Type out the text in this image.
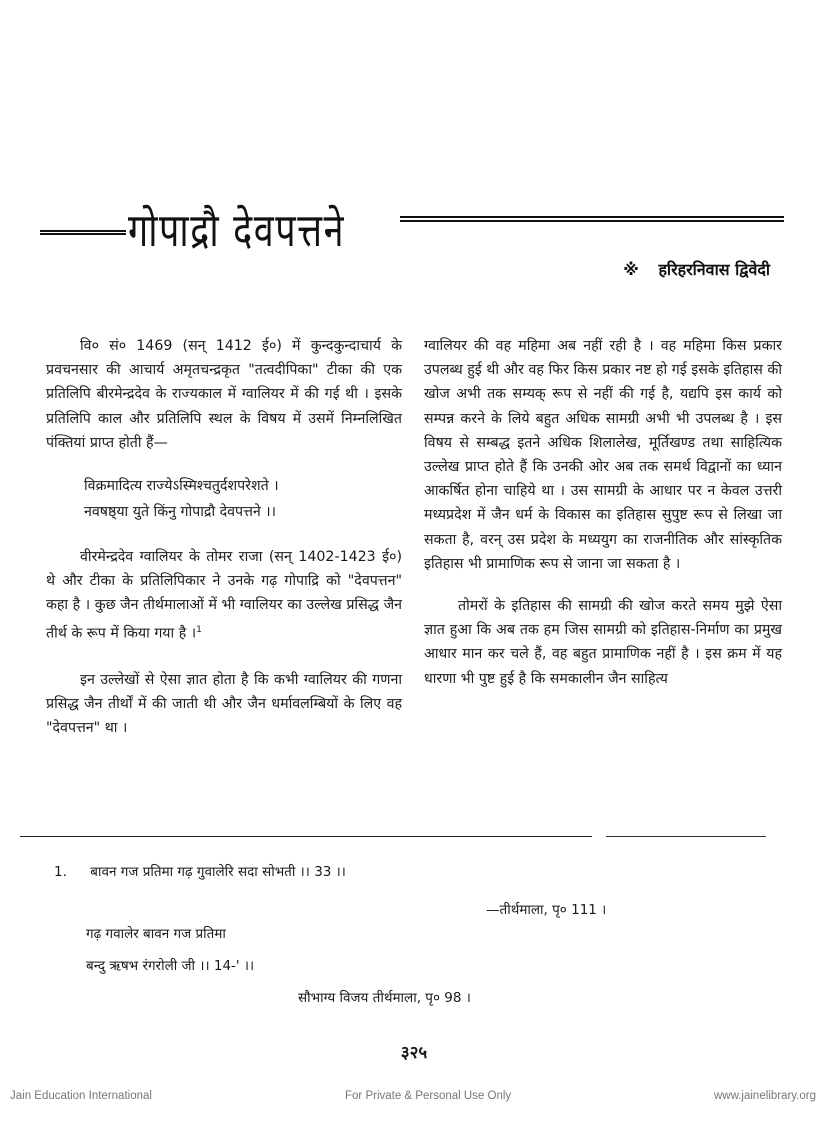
गोपाद्रौ देवपत्तने
※ हरिहरनिवास द्विवेदी

वि० सं० 1469 (सन् 1412 ई०) में कुन्दकुन्दाचार्य के प्रवचनसार की आचार्य अमृतचन्द्रकृत "तत्वदीपिका" टीका की एक प्रतिलिपि बीरमेन्द्रदेव के राज्यकाल में ग्वालियर में की गई थी । इसके प्रतिलिपि काल और प्रतिलिपि स्थल के विषय में उसमें निम्नलिखित पंक्तियां प्राप्त होती हैं—

विक्रमादित्य राज्येऽस्मिश्चतुर्दशपरेशते ।
नवषष्ठ्या युते किंनु गोपाद्रौ देवपत्तने ।।

वीरमेन्द्रदेव ग्वालियर के तोमर राजा (सन् 1402-1423 ई०) थे और टीका के प्रतिलिपिकार ने उनके गढ़ गोपाद्रि को "देवपत्तन" कहा है । कुछ जैन तीर्थमालाओं में भी ग्वालियर का उल्लेख प्रसिद्ध जैन तीर्थ के रूप में किया गया है ।$^1$

इन उल्लेखों से ऐसा ज्ञात होता है कि कभी ग्वालियर की गणना प्रसिद्ध जैन तीर्थों में की जाती थी और जैन धर्मावलम्बियों के लिए वह "देवपत्तन" था ।

ग्वालियर की वह महिमा अब नहीं रही है । वह महिमा किस प्रकार उपलब्ध हुई थी और वह फिर किस प्रकार नष्ट हो गई इसके इतिहास की खोज अभी तक सम्यक् रूप से नहीं की गई है, यद्यपि इस कार्य को सम्पन्न करने के लिये बहुत अधिक सामग्री अभी भी उपलब्ध है । इस विषय से सम्बद्ध इतने अधिक शिलालेख, मूर्तिखण्ड तथा साहित्यिक उल्लेख प्राप्त होते हैं कि उनकी ओर अब तक समर्थ विद्वानों का ध्यान आकर्षित होना चाहिये था । उस सामग्री के आधार पर न केवल उत्तरी मध्यप्रदेश में जैन धर्म के विकास का इतिहास सुपुष्ट रूप से लिखा जा सकता है, वरन् उस प्रदेश के मध्ययुग का राजनीतिक और सांस्कृतिक इतिहास भी प्रामाणिक रूप से जाना जा सकता है ।

तोमरों के इतिहास की सामग्री की खोज करते समय मुझे ऐसा ज्ञात हुआ कि अब तक हम जिस सामग्री को इतिहास-निर्माण का प्रमुख आधार मान कर चले हैं, वह बहुत प्रामाणिक नहीं है । इस क्रम में यह धारणा भी पुष्ट हुई है कि समकालीन जैन साहित्य

1. बावन गज प्रतिमा गढ़ गुवालेरि सदा सोभती ।। 33 ।।
—तीर्थमाला, पृ० 111 ।
गढ़ गवालेर बावन गज प्रतिमा
बन्दु ऋषभ रंगरोली जी ।। 14-' ।।
सौभाग्य विजय तीर्थमाला, पृ० 98 ।
३२५
Jain Education International	For Private & Personal Use Only	www.jainelibrary.org
